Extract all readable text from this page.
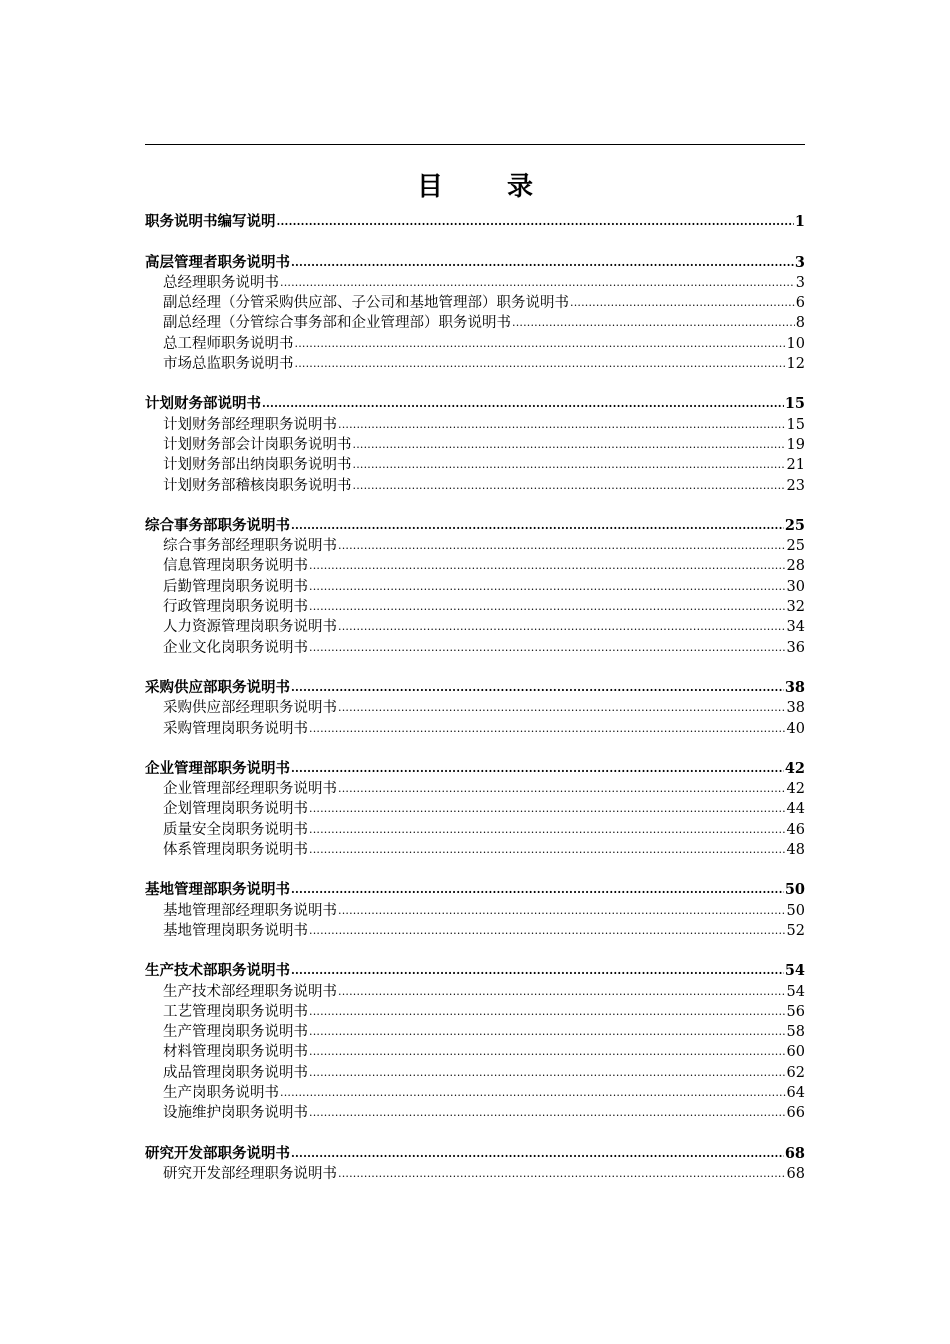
目 录
职务说明书编写说明 .....	1
高层管理者职务说明书 .....	3
总经理职务说明书 .....	3
副总经理（分管采购供应部、子公司和基地管理部）职务说明书 .....	6
副总经理（分管综合事务部和企业管理部）职务说明书 .....	8
总工程师职务说明书 .....	10
市场总监职务说明书 .....	12
计划财务部说明书 .....	15
计划财务部经理职务说明书 .....	15
计划财务部会计岗职务说明书 .....	19
计划财务部出纳岗职务说明书 .....	21
计划财务部稽核岗职务说明书 .....	23
综合事务部职务说明书 .....	25
综合事务部经理职务说明书 .....	25
信息管理岗职务说明书 .....	28
后勤管理岗职务说明书 .....	30
行政管理岗职务说明书 .....	32
人力资源管理岗职务说明书 .....	34
企业文化岗职务说明书 .....	36
采购供应部职务说明书 .....	38
采购供应部经理职务说明书 .....	38
采购管理岗职务说明书 .....	40
企业管理部职务说明书 .....	42
企业管理部经理职务说明书 .....	42
企划管理岗职务说明书 .....	44
质量安全岗职务说明书 .....	46
体系管理岗职务说明书 .....	48
基地管理部职务说明书 .....	50
基地管理部经理职务说明书 .....	50
基地管理岗职务说明书 .....	52
生产技术部职务说明书 .....	54
生产技术部经理职务说明书 .....	54
工艺管理岗职务说明书 .....	56
生产管理岗职务说明书 .....	58
材料管理岗职务说明书 .....	60
成品管理岗职务说明书 .....	62
生产岗职务说明书 .....	64
设施维护岗职务说明书 .....	66
研究开发部职务说明书 .....	68
研究开发部经理职务说明书 .....	68
